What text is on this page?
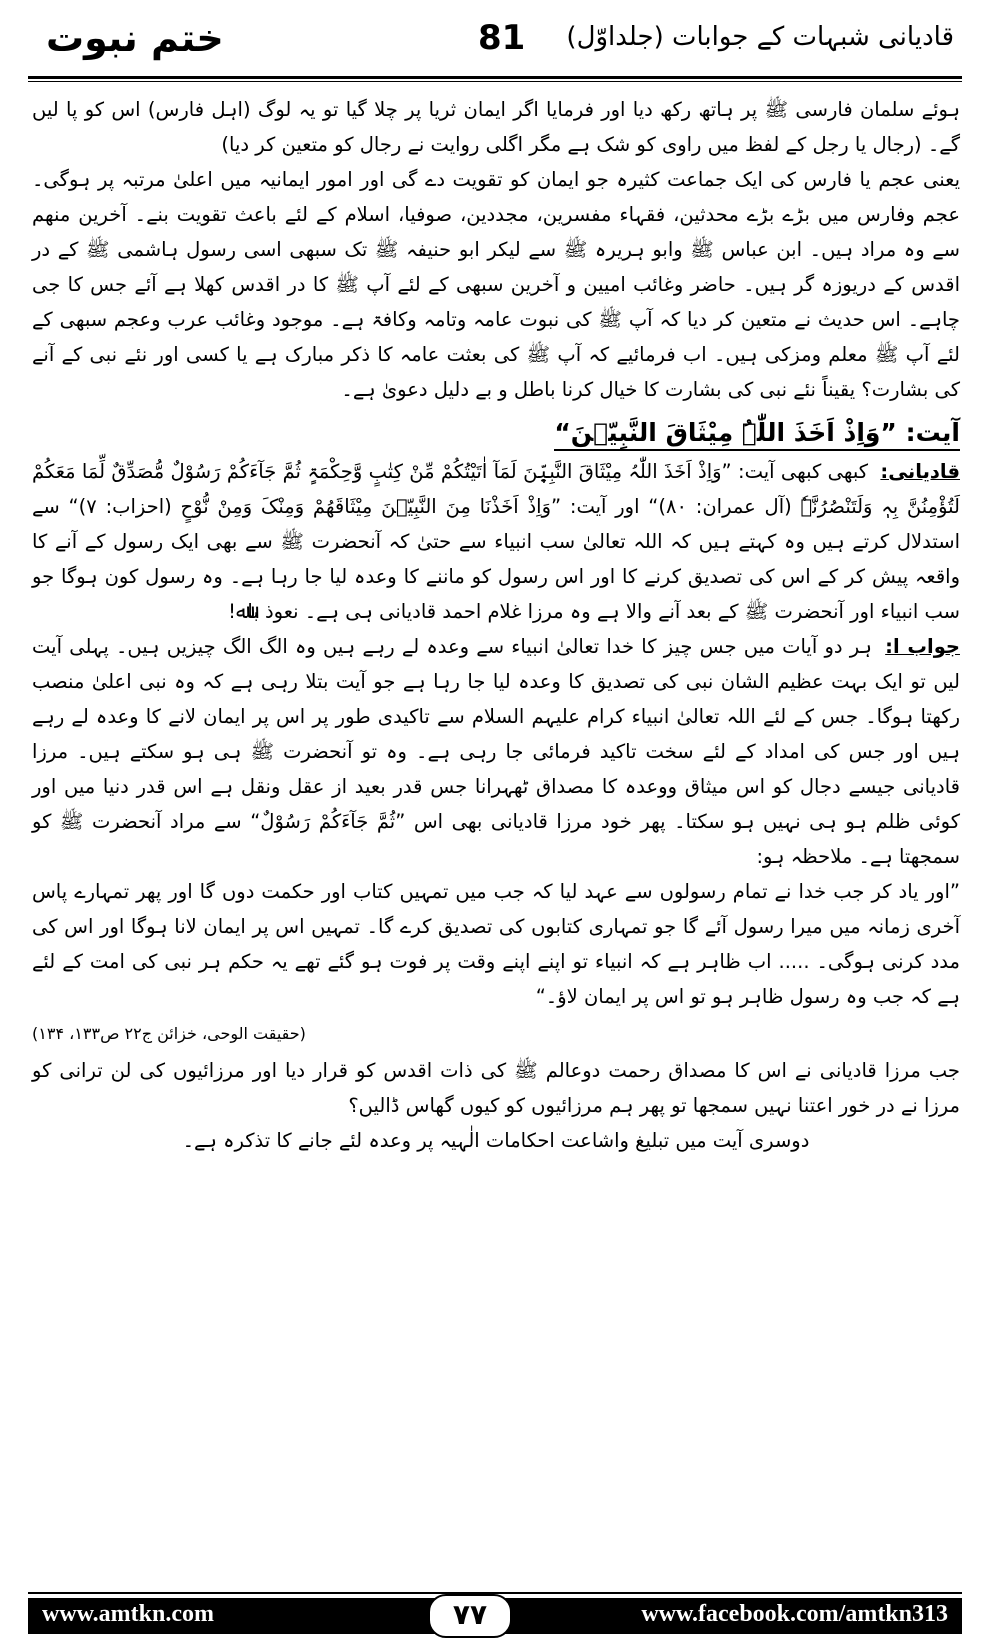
ختم نبوت	81 قادیانی شبہات کے جوابات (جلداوّل)

ہوئے سلمان فارسی ﷺ پر ہاتھ رکھ دیا اور فرمایا اگر ایمان ثریا پر چلا گیا تو یہ لوگ (اہل فارس) اس کو پا لیں گے۔ (رجال یا رجل کے لفظ میں راوی کو شک ہے مگر اگلی روایت نے رجال کو متعین کر دیا)

یعنی عجم یا فارس کی ایک جماعت کثیرہ جو ایمان کو تقویت دے گی اور امور ایمانیہ میں اعلیٰ مرتبہ پر ہوگی۔ عجم وفارس میں بڑے بڑے محدثین، فقہاء مفسرین، مجددین، صوفیا، اسلام کے لئے باعث تقویت بنے۔ آخرین منھم سے وہ مراد ہیں۔ ابن عباس ﷺ وابو ہریرہ ﷺ سے لیکر ابو حنیفہ ﷺ تک سبھی اسی رسول ہاشمی ﷺ کے در اقدس کے دریوزہ گر ہیں۔ حاضر وغائب امیین و آخرین سبھی کے لئے آپ ﷺ کا در اقدس کھلا ہے آئے جس کا جی چاہے۔ اس حدیث نے متعین کر دیا کہ آپ ﷺ کی نبوت عامہ وتامہ وکافۃ ہے۔ موجود وغائب عرب وعجم سبھی کے لئے آپ ﷺ معلم ومزکی ہیں۔ اب فرمائیے کہ آپ ﷺ کی بعثت عامہ کا ذکر مبارک ہے یا کسی اور نئے نبی کے آنے کی بشارت؟ یقیناً نئے نبی کی بشارت کا خیال کرنا باطل و بے دلیل دعویٰ ہے۔

آیت: ”وَاِذْ اَخَذَ اللّٰہُ مِیْثَاقَ النَّبِیّٖنَ“

قادیانی: کبھی کبھی آیت: ”وَاِذْ اَخَذَ اللّٰہُ مِیْثَاقَ النَّبِیّٖنَ لَمَآ اٰتَیْتُکُمْ مِّنْ کِتٰبٍ وَّحِکْمَۃٍ ثُمَّ جَآءَکُمْ رَسُوْلٌ مُّصَدِّقٌ لِّمَا مَعَکُمْ لَتُؤْمِنُنَّ بِہٖ وَلَتَنْصُرُنَّہٗ (آل عمران: ۸۰)“ اور آیت: ”وَاِذْ اَخَذْنَا مِنَ النَّبِیّٖنَ مِیْثَاقَھُمْ وَمِنْکَ وَمِنْ نُّوْحٍ (احزاب: ۷)“ سے استدلال کرتے ہیں وہ کہتے ہیں کہ اللہ تعالیٰ سب انبیاء سے حتیٰ کہ آنحضرت ﷺ سے بھی ایک رسول کے آنے کا واقعہ پیش کر کے اس کی تصدیق کرنے کا اور اس رسول کو ماننے کا وعدہ لیا جا رہا ہے۔ وہ رسول کون ہوگا جو سب انبیاء اور آنحضرت ﷺ کے بعد آنے والا ہے وہ مرزا غلام احمد قادیانی ہی ہے۔ نعوذ باﷲ!

جواب ا: ہر دو آیات میں جس چیز کا خدا تعالیٰ انبیاء سے وعدہ لے رہے ہیں وہ الگ الگ چیزیں ہیں۔ پہلی آیت لیں تو ایک بہت عظیم الشان نبی کی تصدیق کا وعدہ لیا جا رہا ہے جو آیت بتلا رہی ہے کہ وہ نبی اعلیٰ منصب رکھتا ہوگا۔ جس کے لئے اللہ تعالیٰ انبیاء کرام علیہم السلام سے تاکیدی طور پر اس پر ایمان لانے کا وعدہ لے رہے ہیں اور جس کی امداد کے لئے سخت تاکید فرمائی جا رہی ہے۔ وہ تو آنحضرت ﷺ ہی ہو سکتے ہیں۔ مرزا قادیانی جیسے دجال کو اس میثاق ووعدہ کا مصداق ٹھہرانا جس قدر بعید از عقل ونقل ہے اس قدر دنیا میں اور کوئی ظلم ہو ہی نہیں ہو سکتا۔ پھر خود مرزا قادیانی بھی اس ”ثُمَّ جَآءَکُمْ رَسُوْلٌ“ سے مراد آنحضرت ﷺ کو سمجھتا ہے۔ ملاحظہ ہو:

”اور یاد کر جب خدا نے تمام رسولوں سے عہد لیا کہ جب میں تمہیں کتاب اور حکمت دوں گا اور پھر تمہارے پاس آخری زمانہ میں میرا رسول آئے گا جو تمہاری کتابوں کی تصدیق کرے گا۔ تمہیں اس پر ایمان لانا ہوگا اور اس کی مدد کرنی ہوگی۔ ..... اب ظاہر ہے کہ انبیاء تو اپنے اپنے وقت پر فوت ہو گئے تھے یہ حکم ہر نبی کی امت کے لئے ہے کہ جب وہ رسول ظاہر ہو تو اس پر ایمان لاؤ۔“

(حقیقت الوحی، خزائن ج۲۲ ص۱۳۳، ۱۳۴)

جب مرزا قادیانی نے اس کا مصداق رحمت دوعالم ﷺ کی ذات اقدس کو قرار دیا اور مرزائیوں کی لن ترانی کو مرزا نے در خور اعتنا نہیں سمجھا تو پھر ہم مرزائیوں کو کیوں گھاس ڈالیں؟

دوسری آیت میں تبلیغ واشاعت احکامات الٰہیہ پر وعدہ لئے جانے کا تذکرہ ہے۔

www.amtkn.com	۷۷	www.facebook.com/amtkn313
